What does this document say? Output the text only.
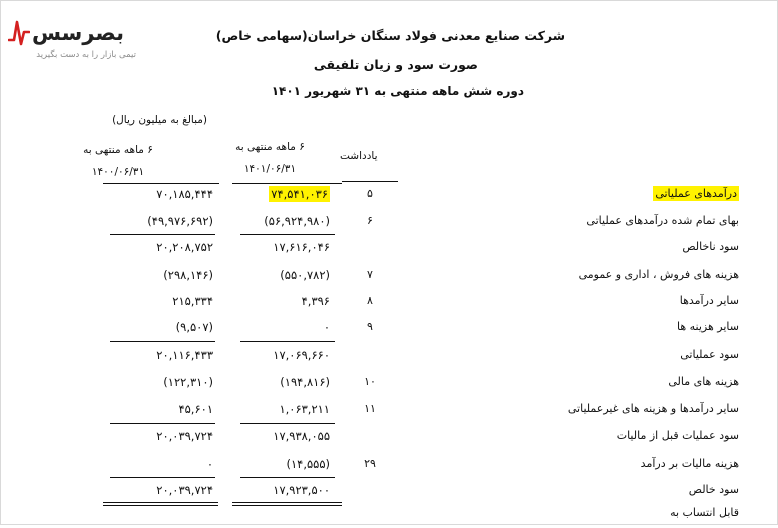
بصرسس
تیمی بازار را به دست بگیرید
شرکت صنایع معدنی فولاد سنگان خراسان(سهامی خاص)
صورت سود و زیان تلفیقی
دوره شش ماهه منتهی به ۳۱ شهریور ۱۴۰۱
(مبالغ به میلیون ریال)
۶ ماهه منتهی به
۱۴۰۱/۰۶/۳۱
۶ ماهه منتهی به
۱۴۰۰/۰۶/۳۱
یادداشت
درآمدهای عملیاتی
۵
۷۴,۵۴۱,۰۳۶
۷۰,۱۸۵,۴۴۴
بهای تمام شده درآمدهای عملیاتی
۶
(۵۶,۹۲۴,۹۸۰)
(۴۹,۹۷۶,۶۹۲)
سود ناخالص
۱۷,۶۱۶,۰۴۶
۲۰,۲۰۸,۷۵۲
هزینه های فروش ، اداری و عمومی
۷
(۵۵۰,۷۸۲)
(۲۹۸,۱۴۶)
سایر درآمدها
۸
۴,۳۹۶
۲۱۵,۳۳۴
سایر هزینه ها
۹
۰
(۹,۵۰۷)
سود عملیاتی
۱۷,۰۶۹,۶۶۰
۲۰,۱۱۶,۴۳۳
هزینه های مالی
۱۰
(۱۹۴,۸۱۶)
(۱۲۲,۳۱۰)
سایر درآمدها و هزینه های غیرعملیاتی
۱۱
۱,۰۶۳,۲۱۱
۴۵,۶۰۱
سود عملیات قبل از مالیات
۱۷,۹۳۸,۰۵۵
۲۰,۰۳۹,۷۲۴
هزینه مالیات بر درآمد
۲۹
(۱۴,۵۵۵)
۰
سود خالص
۱۷,۹۲۳,۵۰۰
۲۰,۰۳۹,۷۲۴
قابل انتساب به
